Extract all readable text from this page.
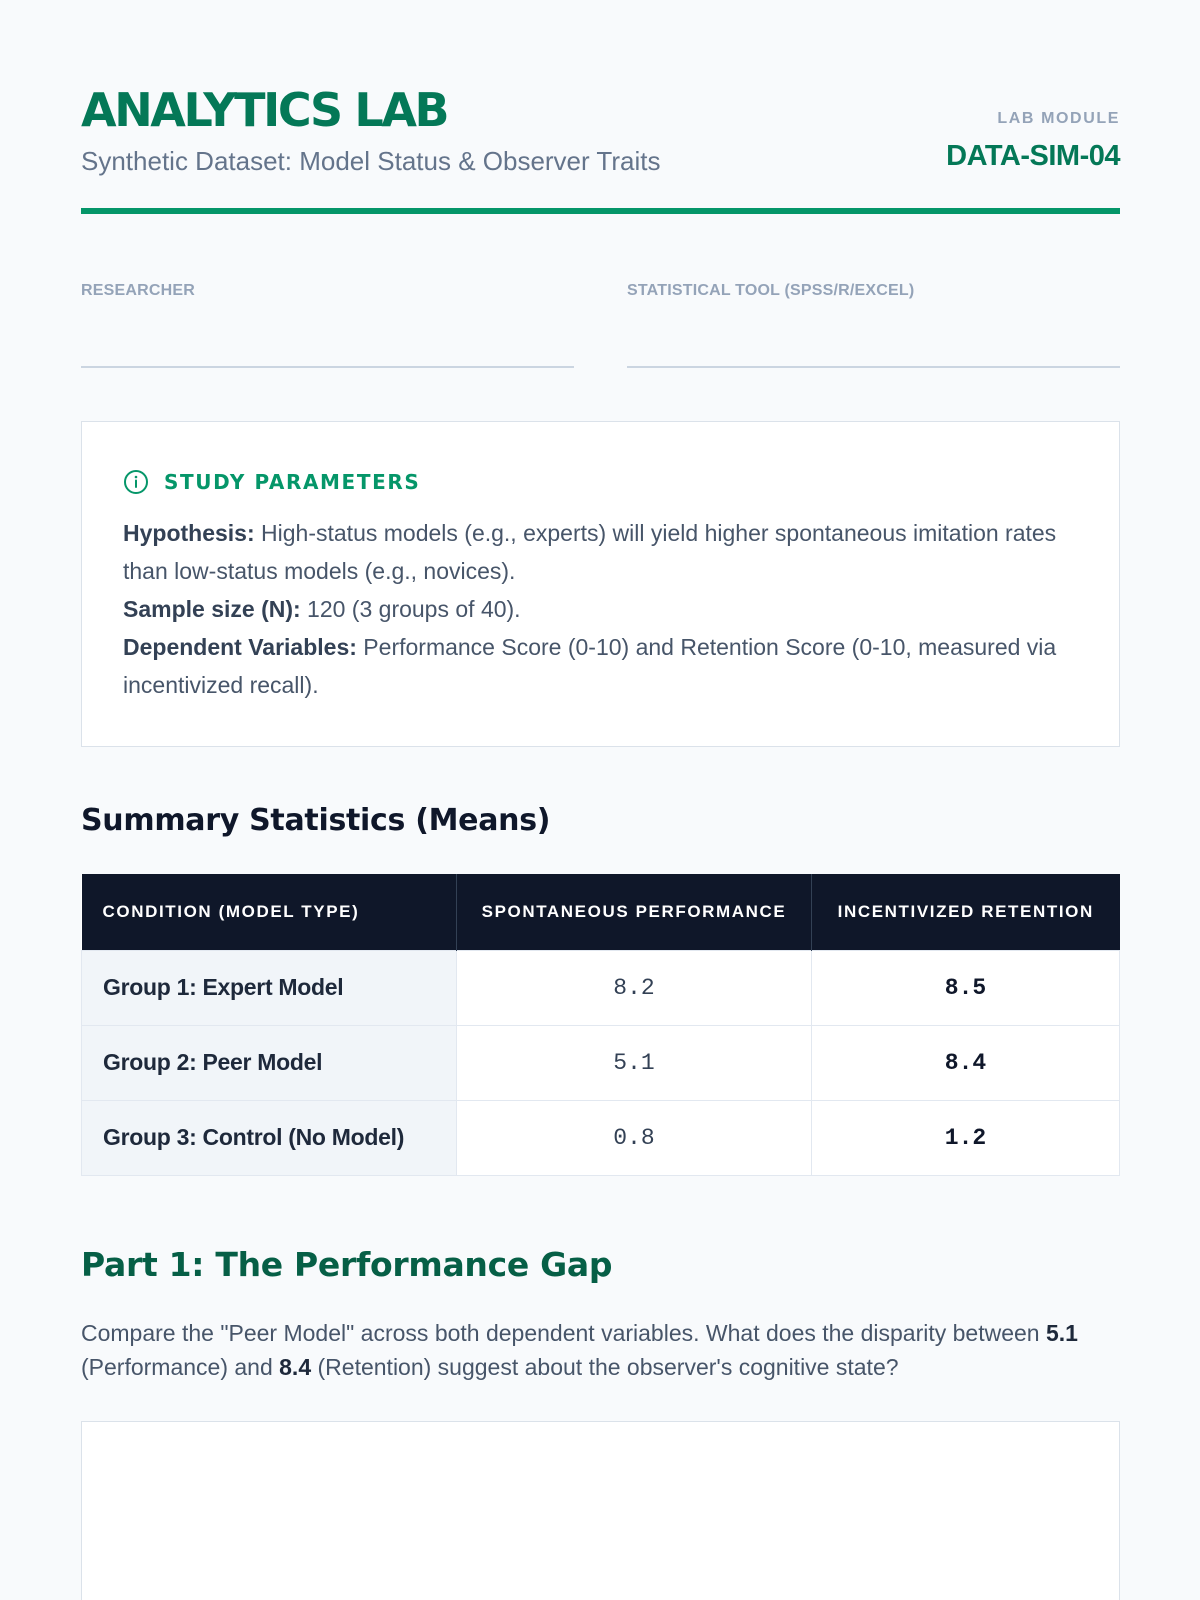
ANALYTICS LAB
Synthetic Dataset: Model Status & Observer Traits
LAB MODULE
DATA-SIM-04
RESEARCHER	STATISTICAL TOOL (SPSS/R/EXCEL)
STUDY PARAMETERS
Hypothesis: High-status models (e.g., experts) will yield higher spontaneous imitation rates than low-status models (e.g., novices).
Sample size (N): 120 (3 groups of 40).
Dependent Variables: Performance Score (0-10) and Retention Score (0-10, measured via incentivized recall).
Summary Statistics (Means)
CONDITION (MODEL TYPE)	SPONTANEOUS PERFORMANCE	INCENTIVIZED RETENTION
Group 1: Expert Model	8.2	8.5
Group 2: Peer Model	5.1	8.4
Group 3: Control (No Model)	0.8	1.2
Part 1: The Performance Gap
Compare the "Peer Model" across both dependent variables. What does the disparity between 5.1 (Performance) and 8.4 (Retention) suggest about the observer's cognitive state?
